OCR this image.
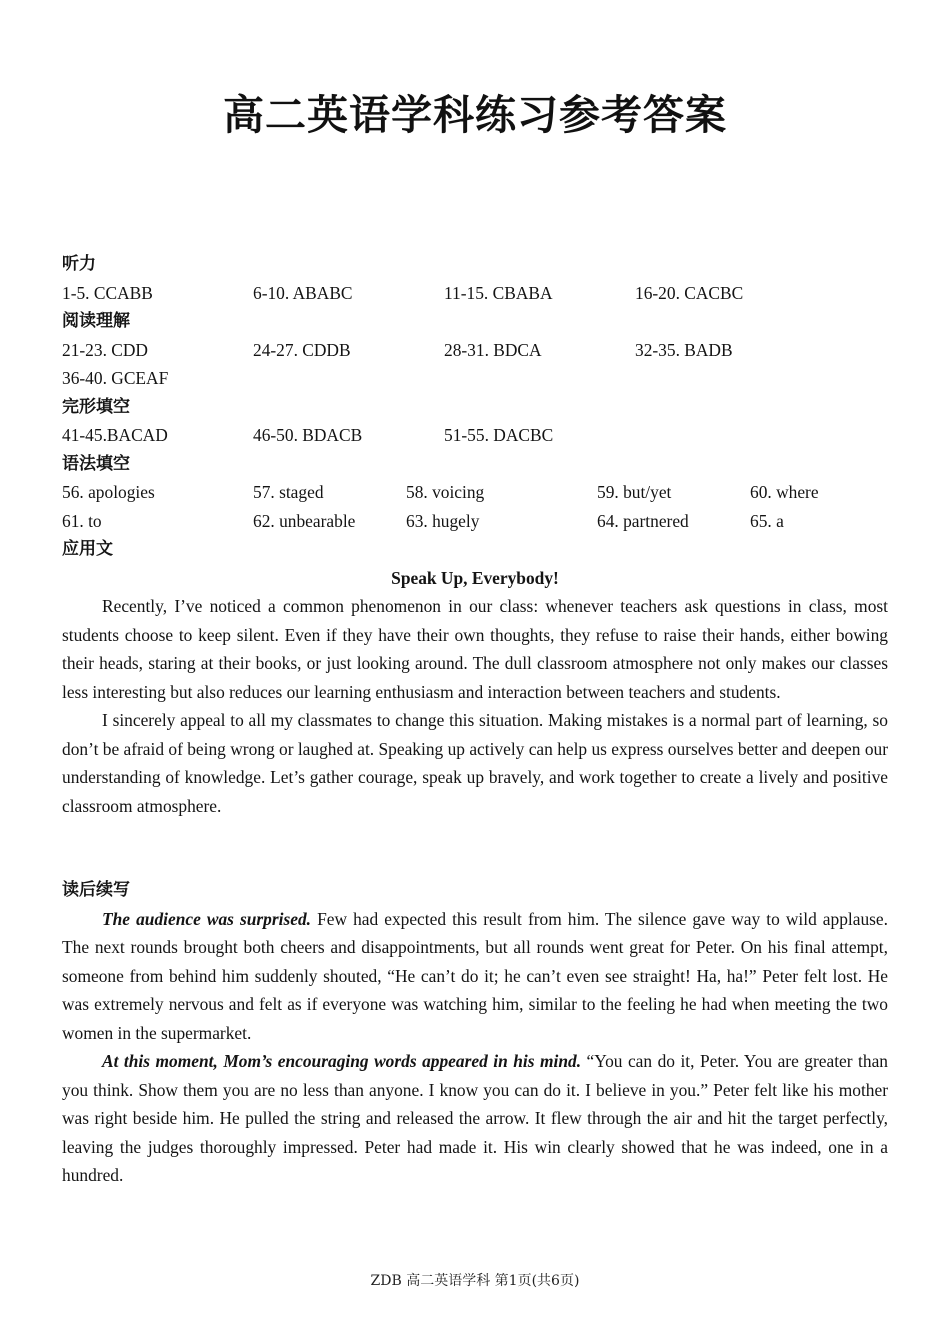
高二英语学科练习参考答案
听力
1-5. CCABB	6-10. ABABC	11-15. CBABA	16-20. CACBC
阅读理解
21-23. CDD	24-27. CDDB	28-31. BDCA	32-35. BADB
36-40. GCEAF
完形填空
41-45.BACAD	46-50. BDACB	51-55. DACBC
语法填空
56. apologies	57. staged	58. voicing	59. but/yet	60. where
61. to	62. unbearable	63. hugely	64. partnered	65. a
应用文
Speak Up, Everybody!

Recently, I’ve noticed a common phenomenon in our class: whenever teachers ask questions in class, most students choose to keep silent. Even if they have their own thoughts, they refuse to raise their hands, either bowing their heads, staring at their books, or just looking around. The dull classroom atmosphere not only makes our classes less interesting but also reduces our learning enthusiasm and interaction between teachers and students.

I sincerely appeal to all my classmates to change this situation. Making mistakes is a normal part of learning, so don’t be afraid of being wrong or laughed at. Speaking up actively can help us express ourselves better and deepen our understanding of knowledge. Let’s gather courage, speak up bravely, and work together to create a lively and positive classroom atmosphere.

读后续写

The audience was surprised. Few had expected this result from him. The silence gave way to wild applause. The next rounds brought both cheers and disappointments, but all rounds went great for Peter. On his final attempt, someone from behind him suddenly shouted, “He can’t do it; he can’t even see straight! Ha, ha!” Peter felt lost. He was extremely nervous and felt as if everyone was watching him, similar to the feeling he had when meeting the two women in the supermarket.

At this moment, Mom’s encouraging words appeared in his mind. “You can do it, Peter. You are greater than you think. Show them you are no less than anyone. I know you can do it. I believe in you.” Peter felt like his mother was right beside him. He pulled the string and released the arrow. It flew through the air and hit the target perfectly, leaving the judges thoroughly impressed. Peter had made it. His win clearly showed that he was indeed, one in a hundred.

ZDB 高二英语学科 第1页(共6页)
